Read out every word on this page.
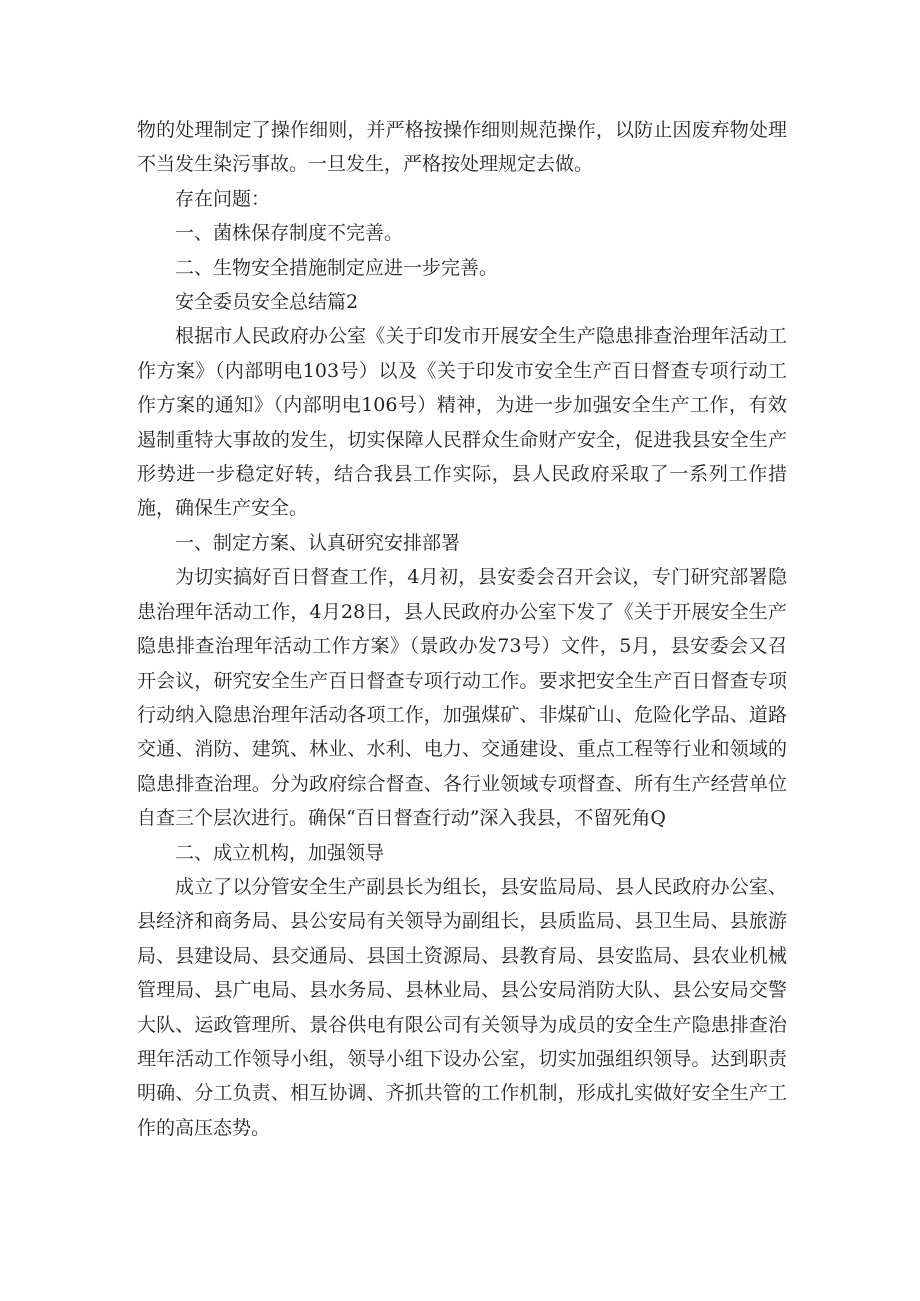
物的处理制定了操作细则，并严格按操作细则规范操作，以防止因废弃物处理不当发生染污事故。一旦发生，严格按处理规定去做。

存在问题：

一、菌株保存制度不完善。

二、生物安全措施制定应进一步完善。

安全委员安全总结篇2

根据市人民政府办公室《关于印发市开展安全生产隐患排查治理年活动工作方案》（内部明电103号）以及《关于印发市安全生产百日督查专项行动工作方案的通知》（内部明电106号）精神，为进一步加强安全生产工作，有效遏制重特大事故的发生，切实保障人民群众生命财产安全，促进我县安全生产形势进一步稳定好转，结合我县工作实际，县人民政府采取了一系列工作措施，确保生产安全。

一、制定方案、认真研究安排部署

为切实搞好百日督查工作，4月初，县安委会召开会议，专门研究部署隐患治理年活动工作，4月28日，县人民政府办公室下发了《关于开展安全生产隐患排查治理年活动工作方案》（景政办发73号）文件，5月，县安委会又召开会议，研究安全生产百日督查专项行动工作。要求把安全生产百日督查专项行动纳入隐患治理年活动各项工作，加强煤矿、非煤矿山、危险化学品、道路交通、消防、建筑、林业、水利、电力、交通建设、重点工程等行业和领域的隐患排查治理。分为政府综合督查、各行业领域专项督查、所有生产经营单位自查三个层次进行。确保“百日督查行动”深入我县，不留死角Q

二、成立机构，加强领导

成立了以分管安全生产副县长为组长，县安监局局、县人民政府办公室、县经济和商务局、县公安局有关领导为副组长，县质监局、县卫生局、县旅游局、县建设局、县交通局、县国土资源局、县教育局、县安监局、县农业机械管理局、县广电局、县水务局、县林业局、县公安局消防大队、县公安局交警大队、运政管理所、景谷供电有限公司有关领导为成员的安全生产隐患排查治理年活动工作领导小组，领导小组下设办公室，切实加强组织领导。达到职责明确、分工负责、相互协调、齐抓共管的工作机制，形成扎实做好安全生产工作的高压态势。
